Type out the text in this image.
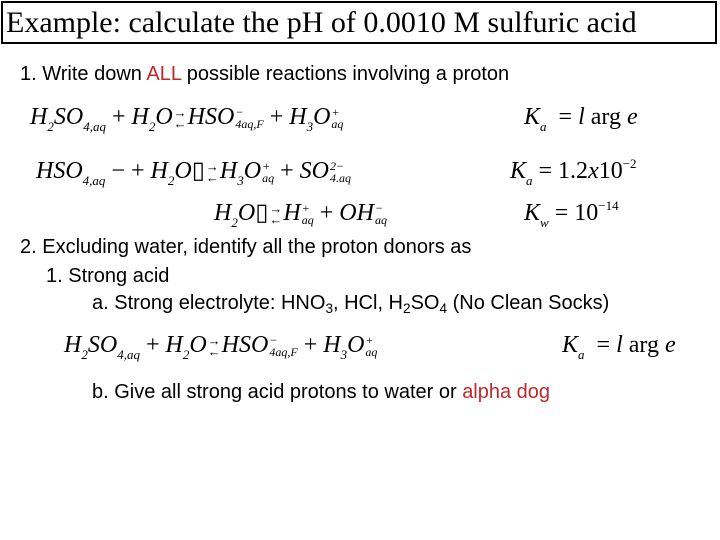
Example: calculate the pH of 0.0010 M sulfuric acid
1. Write down ALL possible reactions involving a proton
$H_2SO_{4,aq} + H_2O$ →
← HSO −
$4aq,F + H_3O$ +
aq	$K_a = l$ arg e
$HSO_{4,aq}$ − + $H_2O▯$ →
← $H_3O$ +
aq + SO 2−
4.aq	$K_a = 1.2x10^{-2}$
$H_2O▯$ →
← H +
aq + OH −
aq	$K_w = 10^{-14}$
2. Excluding water, identify all the proton donors as
1. Strong acid
a. Strong electrolyte: $HNO_3$, HCl, $H_2SO_4$ (No Clean Socks)
$H_2SO_{4,aq} + H_2O$ →
← HSO −
$4aq,F + H_3O$ +
aq	$K_a = l$ arg e
b. Give all strong acid protons to water or alpha dog
